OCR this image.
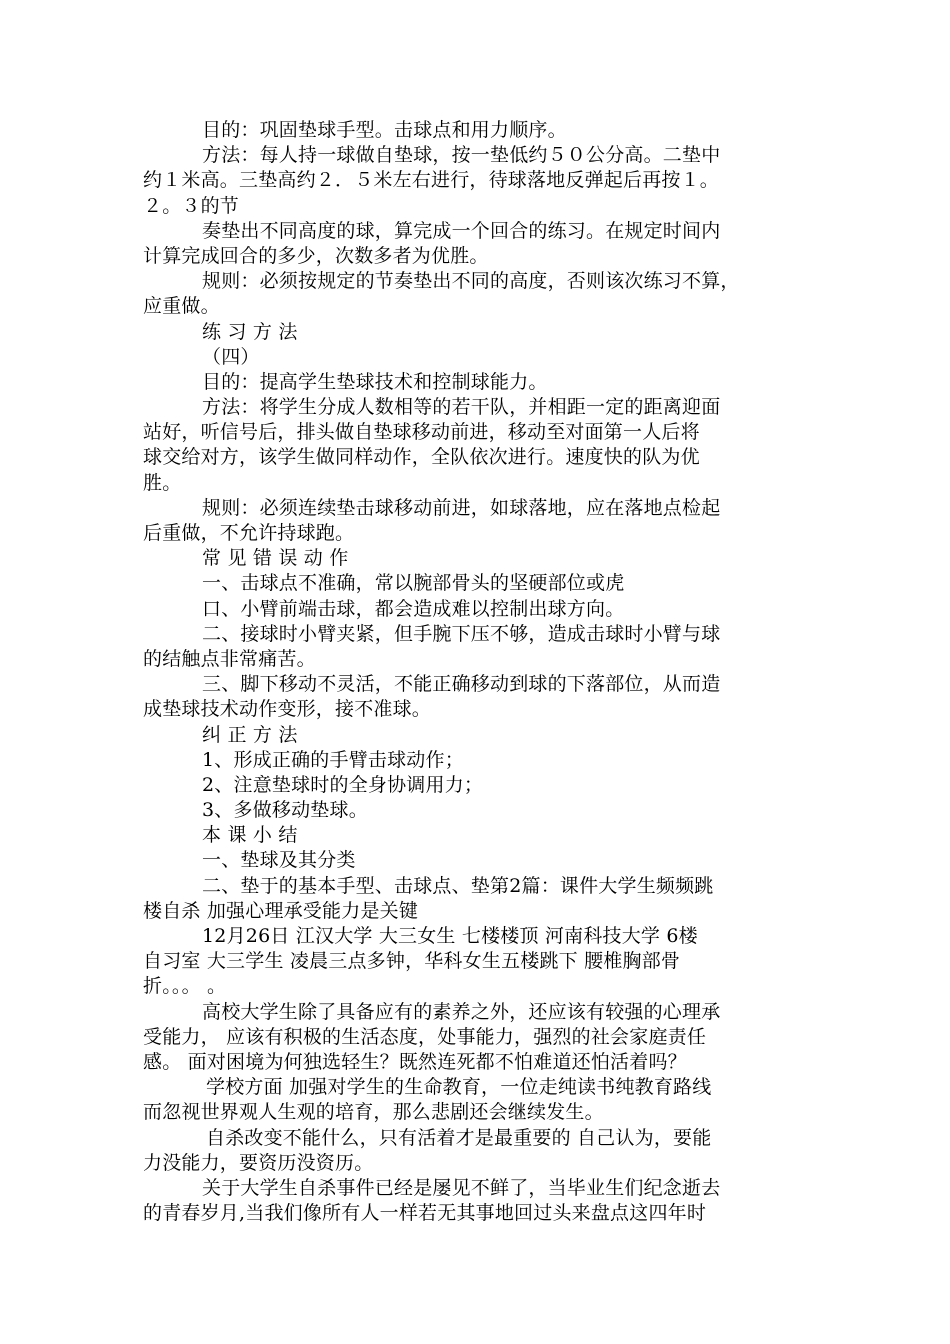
目的：巩固垫球手型。击球点和用力顺序。
方法：每人持一球做自垫球，按一垫低约５０公分高。二垫中
约１米高。三垫高约２．５米左右进行，待球落地反弹起后再按１。
２。３的节
奏垫出不同高度的球，算完成一个回合的练习。在规定时间内
计算完成回合的多少，次数多者为优胜。
规则：必须按规定的节奏垫出不同的高度，否则该次练习不算，
应重做。
练 习 方 法
（四）
目的：提高学生垫球技术和控制球能力。
方法：将学生分成人数相等的若干队，并相距一定的距离迎面
站好，听信号后，排头做自垫球移动前进，移动至对面第一人后将
球交给对方，该学生做同样动作，全队依次进行。速度快的队为优
胜。
规则：必须连续垫击球移动前进，如球落地，应在落地点检起
后重做，不允许持球跑。
常 见 错 误 动 作
一、击球点不准确，常以腕部骨头的坚硬部位或虎
口、小臂前端击球，都会造成难以控制出球方向。
二、接球时小臂夹紧，但手腕下压不够，造成击球时小臂与球
的结触点非常痛苦。
三、脚下移动不灵活，不能正确移动到球的下落部位，从而造
成垫球技术动作变形，接不准球。
纠 正 方 法
1、形成正确的手臂击球动作；
2、注意垫球时的全身协调用力；
3、多做移动垫球。
本 课 小 结
一、垫球及其分类
二、垫于的基本手型、击球点、垫第2篇：课件大学生频频跳
楼自杀 加强心理承受能力是关键
12月26日 江汉大学 大三女生 七楼楼顶 河南科技大学 6楼
自习室 大三学生 凌晨三点多钟，华科女生五楼跳下 腰椎胸部骨
折。。。 。
高校大学生除了具备应有的素养之外，还应该有较强的心理承
受能力， 应该有积极的生活态度，处事能力，强烈的社会家庭责任
感。 面对困境为何独选轻生？既然连死都不怕难道还怕活着吗？
学校方面 加强对学生的生命教育，一位走纯读书纯教育路线
而忽视世界观人生观的培育，那么悲剧还会继续发生。
自杀改变不能什么，只有活着才是最重要的 自己认为，要能
力没能力，要资历没资历。
关于大学生自杀事件已经是屡见不鲜了，当毕业生们纪念逝去
的青春岁月,当我们像所有人一样若无其事地回过头来盘点这四年时
